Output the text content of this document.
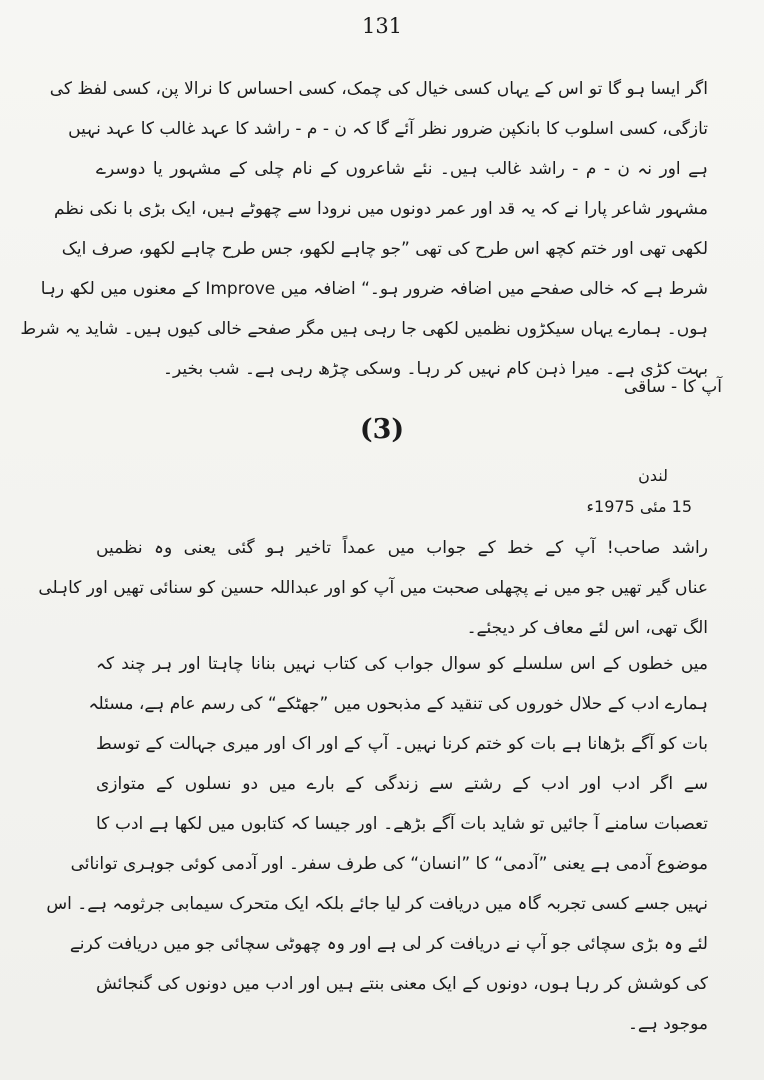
131
اگر ایسا ہو گا تو اس کے یہاں کسی خیال کی چمک، کسی احساس کا نرالا پن، کسی لفظ کی
تازگی، کسی اسلوب کا بانکپن ضرور نظر آئے گا کہ ن - م - راشد کا عہد غالب کا عہد نہیں
ہے اور نہ ن - م - راشد غالب ہیں۔ نئے شاعروں کے نام چلی کے مشہور یا دوسرے
مشہور شاعر پارا نے کہ یہ قد اور عمر دونوں میں نرودا سے چھوٹے ہیں، ایک بڑی با نکی نظم
لکھی تھی اور ختم کچھ اس طرح کی تھی ”جو چاہے لکھو، جس طرح چاہے لکھو، صرف ایک
شرط ہے کہ خالی صفحے میں اضافہ ضرور ہو۔“ اضافہ میں Improve کے معنوں میں لکھ رہا
ہوں۔ ہمارے یہاں سیکڑوں نظمیں لکھی جا رہی ہیں مگر صفحے خالی کیوں ہیں۔ شاید یہ شرط
بہت کڑی ہے۔ میرا ذہن کام نہیں کر رہا۔ وسکی چڑھ رہی ہے۔ شب بخیر۔
آپ کا - ساقی
(3)
لندن
15 مئی 1975ء
راشد صاحب! آپ کے خط کے جواب میں عمداً تاخیر ہو گئی یعنی وہ نظمیں
عناں گیر تھیں جو میں نے پچھلی صحبت میں آپ کو اور عبداللہ حسین کو سنائی تھیں اور کاہلی
الگ تھی، اس لئے معاف کر دیجئے۔
میں خطوں کے اس سلسلے کو سوال جواب کی کتاب نہیں بنانا چاہتا اور ہر چند کہ
ہمارے ادب کے حلال خوروں کی تنقید کے مذبحوں میں ”جھٹکے“ کی رسم عام ہے، مسئلہ
بات کو آگے بڑھانا ہے بات کو ختم کرنا نہیں۔ آپ کے اور اک اور میری جہالت کے توسط
سے اگر ادب اور ادب کے رشتے سے زندگی کے بارے میں دو نسلوں کے متوازی
تعصبات سامنے آ جائیں تو شاید بات آگے بڑھے۔ اور جیسا کہ کتابوں میں لکھا ہے ادب کا
موضوع آدمی ہے یعنی ”آدمی“ کا ”انسان“ کی طرف سفر۔ اور آدمی کوئی جوہری توانائی
نہیں جسے کسی تجربہ گاہ میں دریافت کر لیا جائے بلکہ ایک متحرک سیمابی جرثومہ ہے۔ اس
لئے وہ بڑی سچائی جو آپ نے دریافت کر لی ہے اور وہ چھوٹی سچائی جو میں دریافت کرنے
کی کوشش کر رہا ہوں، دونوں کے ایک معنی بنتے ہیں اور ادب میں دونوں کی گنجائش
موجود ہے۔
